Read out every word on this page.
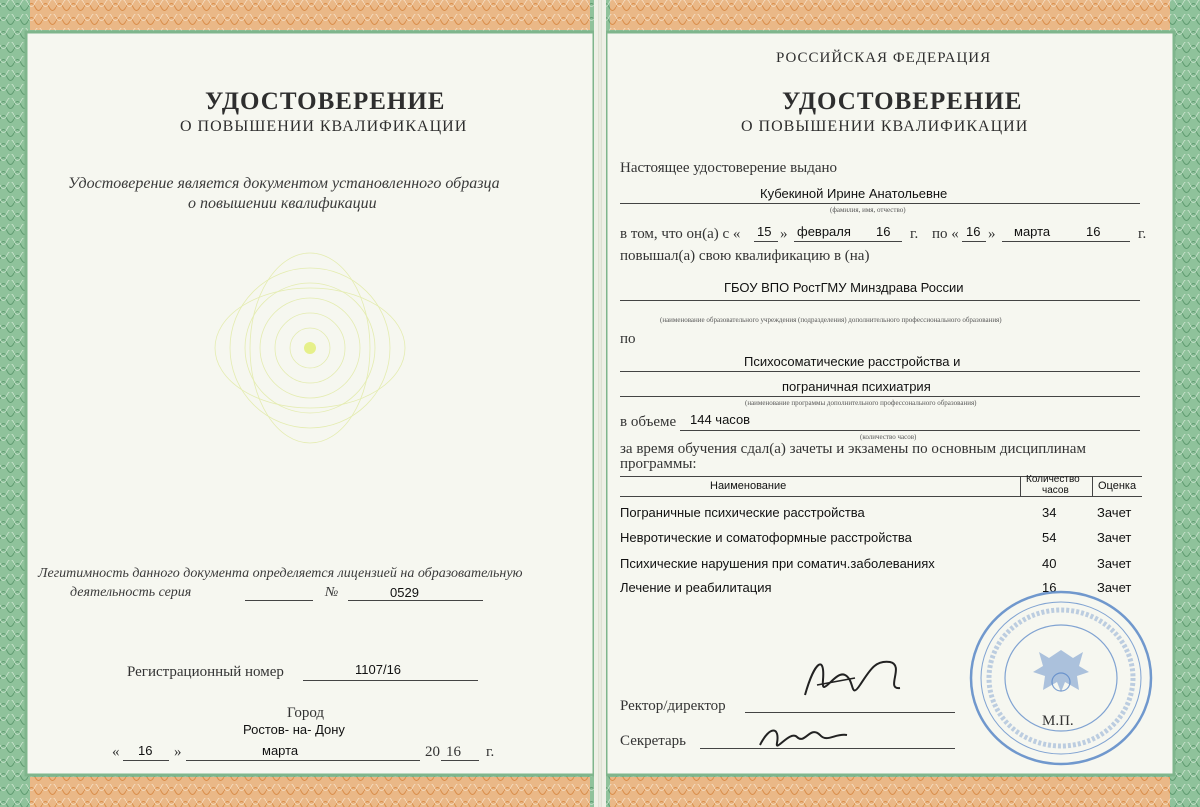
УДОСТОВЕРЕНИЕ
О ПОВЫШЕНИИ КВАЛИФИКАЦИИ
Удостоверение является документом установленного образца
о повышении квалификации
Легитимность данного документа определяется лицензией на образовательную
деятельность серия	№	0529
Регистрационный номер	1107/16
Город
Ростов- на- Дону
« 16 »	марта	20 16 г.
РОССИЙСКАЯ ФЕДЕРАЦИЯ
УДОСТОВЕРЕНИЕ
О ПОВЫШЕНИИ КВАЛИФИКАЦИИ
Настоящее удостоверение выдано
Кубекиной Ирине Анатольевне
(фамилия, имя, отчество)
в том, что он(а) с « 15 » февраля 16 г. по « 16 » марта	16	г.
повышал(а) свою квалификацию в (на)
ГБОУ ВПО РостГМУ Минздрава России
(наименование образовательного учреждения (подразделения) дополнительного профессионального образования)
по
Психосоматические расстройства и
пограничная психиатрия
(наименование программы дополнительного профессонального образования)
в объеме 144 часов
(количество часов)
за время обучения сдал(а) зачеты и экзамены по основным дисциплинам
программы:
Наименование
Количество
часов	Оценка
Пограничные психические расстройства	34	Зачет
Невротические и соматоформные расстройства	54	Зачет
Психические нарушения при соматич.заболеваниях	40	Зачет
Лечение и реабилитация	16	Зачет
Ректор/директор
Секретарь
М.П.
